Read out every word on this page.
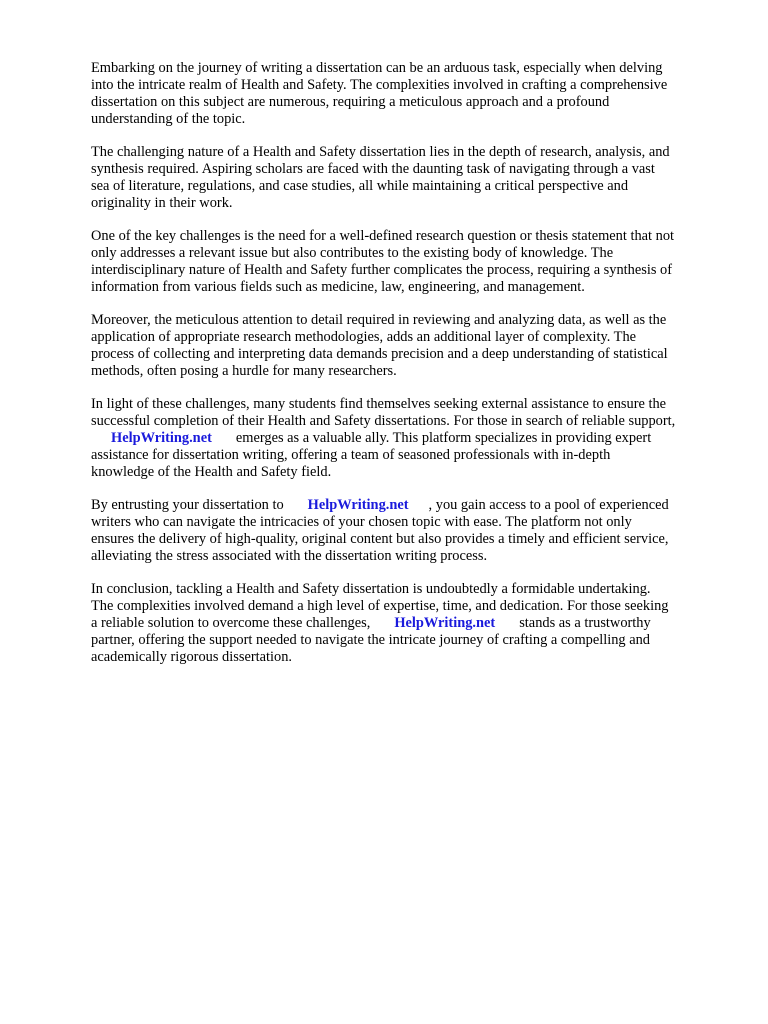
Embarking on the journey of writing a dissertation can be an arduous task, especially when delving
into the intricate realm of Health and Safety. The complexities involved in crafting a comprehensive
dissertation on this subject are numerous, requiring a meticulous approach and a profound
understanding of the topic.

The challenging nature of a Health and Safety dissertation lies in the depth of research, analysis, and
synthesis required. Aspiring scholars are faced with the daunting task of navigating through a vast
sea of literature, regulations, and case studies, all while maintaining a critical perspective and
originality in their work.

One of the key challenges is the need for a well-defined research question or thesis statement that not
only addresses a relevant issue but also contributes to the existing body of knowledge. The
interdisciplinary nature of Health and Safety further complicates the process, requiring a synthesis of
information from various fields such as medicine, law, engineering, and management.

Moreover, the meticulous attention to detail required in reviewing and analyzing data, as well as the
application of appropriate research methodologies, adds an additional layer of complexity. The
process of collecting and interpreting data demands precision and a deep understanding of statistical
methods, often posing a hurdle for many researchers.

In light of these challenges, many students find themselves seeking external assistance to ensure the
successful completion of their Health and Safety dissertations. For those in search of reliable support,
HelpWriting.net emerges as a valuable ally. This platform specializes in providing expert
assistance for dissertation writing, offering a team of seasoned professionals with in-depth
knowledge of the Health and Safety field.

By entrusting your dissertation to HelpWriting.net , you gain access to a pool of experienced
writers who can navigate the intricacies of your chosen topic with ease. The platform not only
ensures the delivery of high-quality, original content but also provides a timely and efficient service,
alleviating the stress associated with the dissertation writing process.

In conclusion, tackling a Health and Safety dissertation is undoubtedly a formidable undertaking.
The complexities involved demand a high level of expertise, time, and dedication. For those seeking
a reliable solution to overcome these challenges, HelpWriting.net stands as a trustworthy
partner, offering the support needed to navigate the intricate journey of crafting a compelling and
academically rigorous dissertation.
